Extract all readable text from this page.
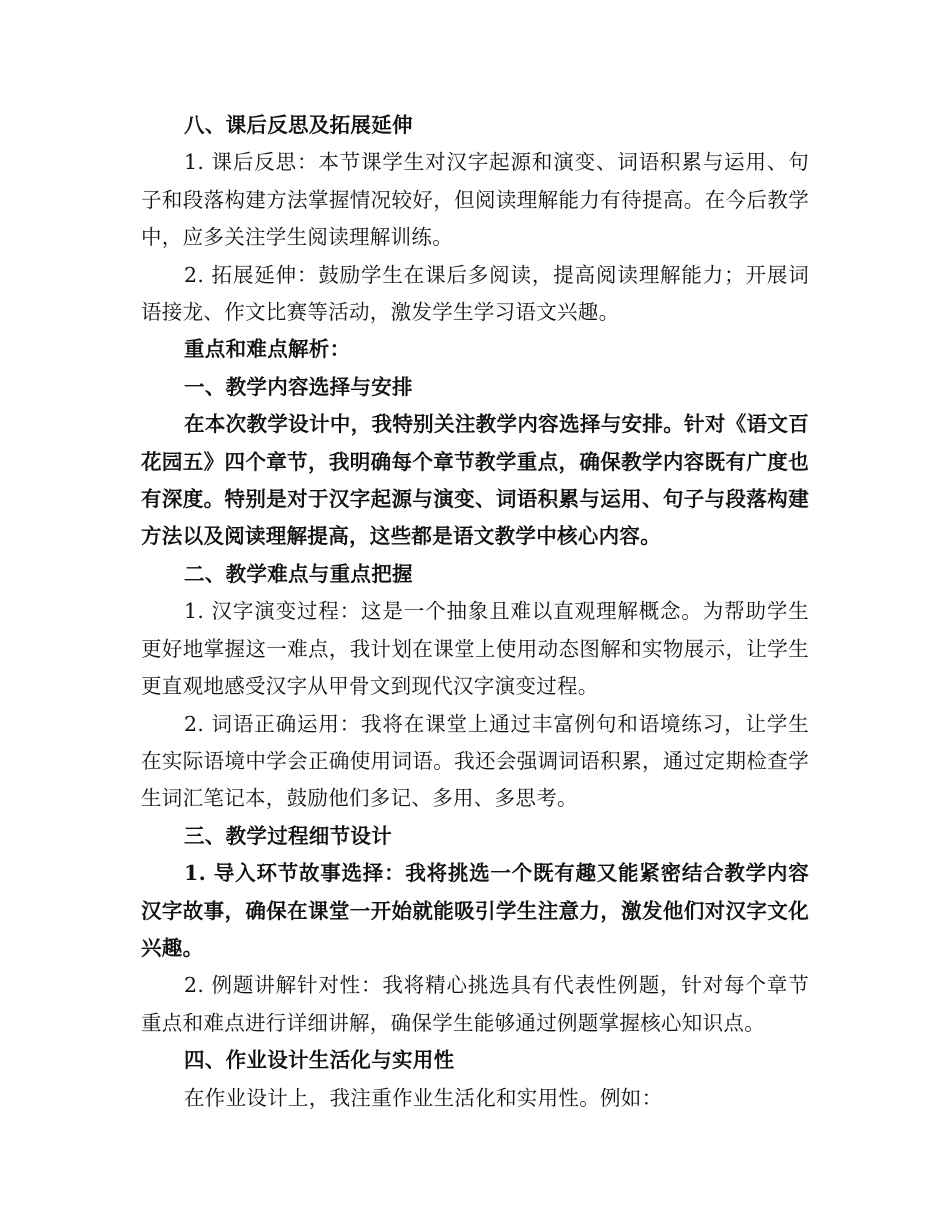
八、课后反思及拓展延伸

1. 课后反思：本节课学生对汉字起源和演变、词语积累与运用、句子和段落构建方法掌握情况较好，但阅读理解能力有待提高。在今后教学中，应多关注学生阅读理解训练。

2. 拓展延伸：鼓励学生在课后多阅读，提高阅读理解能力；开展词语接龙、作文比赛等活动，激发学生学习语文兴趣。

重点和难点解析：

一、教学内容选择与安排

在本次教学设计中，我特别关注教学内容选择与安排。针对《语文百花园五》四个章节，我明确每个章节教学重点，确保教学内容既有广度也有深度。特别是对于汉字起源与演变、词语积累与运用、句子与段落构建方法以及阅读理解提高，这些都是语文教学中核心内容。

二、教学难点与重点把握

1. 汉字演变过程：这是一个抽象且难以直观理解概念。为帮助学生更好地掌握这一难点，我计划在课堂上使用动态图解和实物展示，让学生更直观地感受汉字从甲骨文到现代汉字演变过程。

2. 词语正确运用：我将在课堂上通过丰富例句和语境练习，让学生在实际语境中学会正确使用词语。我还会强调词语积累，通过定期检查学生词汇笔记本，鼓励他们多记、多用、多思考。

三、教学过程细节设计

1. 导入环节故事选择：我将挑选一个既有趣又能紧密结合教学内容汉字故事，确保在课堂一开始就能吸引学生注意力，激发他们对汉字文化兴趣。

2. 例题讲解针对性：我将精心挑选具有代表性例题，针对每个章节重点和难点进行详细讲解，确保学生能够通过例题掌握核心知识点。

四、作业设计生活化与实用性

在作业设计上，我注重作业生活化和实用性。例如：
